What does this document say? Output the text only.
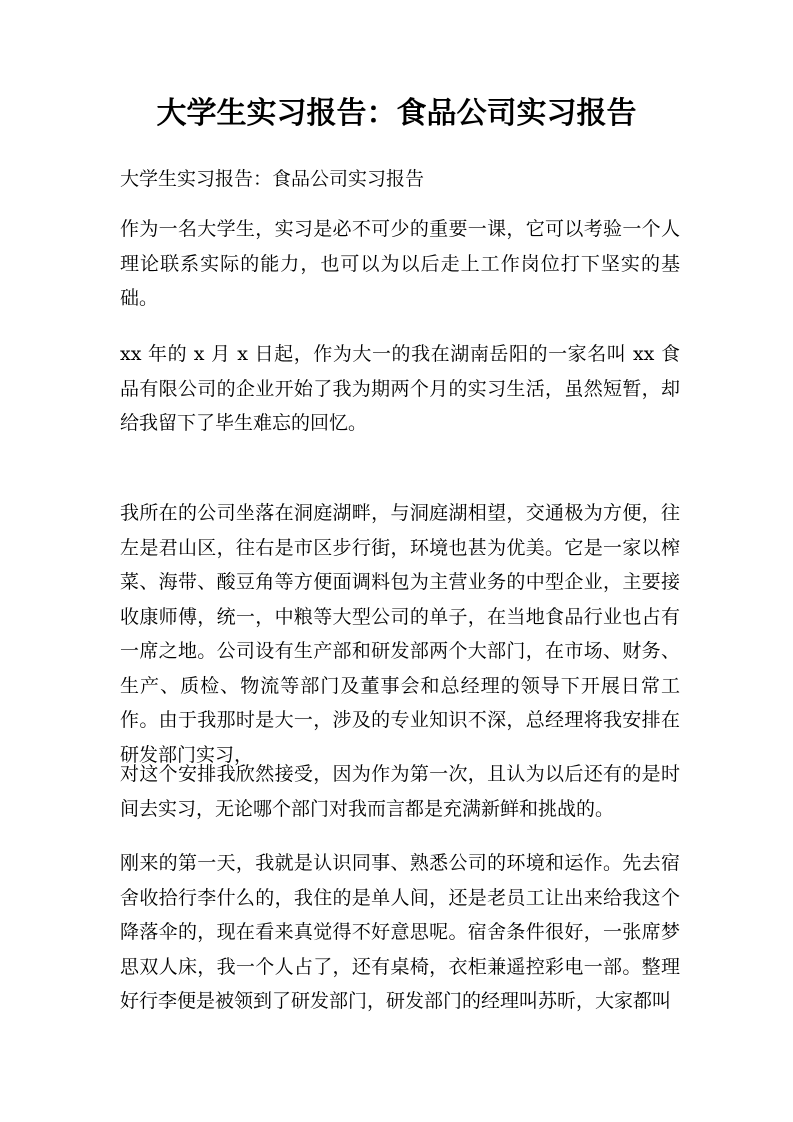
大学生实习报告：食品公司实习报告
大学生实习报告：食品公司实习报告

作为一名大学生，实习是必不可少的重要一课，它可以考验一个人理论联系实际的能力，也可以为以后走上工作岗位打下坚实的基础。

xx 年的 x 月 x 日起，作为大一的我在湖南岳阳的一家名叫 xx 食品有限公司的企业开始了我为期两个月的实习生活，虽然短暂，却给我留下了毕生难忘的回忆。

我所在的公司坐落在洞庭湖畔，与洞庭湖相望，交通极为方便，往左是君山区，往右是市区步行街，环境也甚为优美。它是一家以榨菜、海带、酸豆角等方便面调料包为主营业务的中型企业，主要接收康师傅，统一，中粮等大型公司的单子，在当地食品行业也占有一席之地。公司设有生产部和研发部两个大部门，在市场、财务、生产、质检、物流等部门及董事会和总经理的领导下开展日常工作。由于我那时是大一，涉及的专业知识不深，总经理将我安排在研发部门实习，

对这个安排我欣然接受，因为作为第一次，且认为以后还有的是时间去实习，无论哪个部门对我而言都是充满新鲜和挑战的。

刚来的第一天，我就是认识同事、熟悉公司的环境和运作。先去宿舍收拾行李什么的，我住的是单人间，还是老员工让出来给我这个降落伞的，现在看来真觉得不好意思呢。宿舍条件很好，一张席梦思双人床，我一个人占了，还有桌椅，衣柜兼遥控彩电一部。整理好行李便是被领到了研发部门，研发部门的经理叫苏昕，大家都叫
